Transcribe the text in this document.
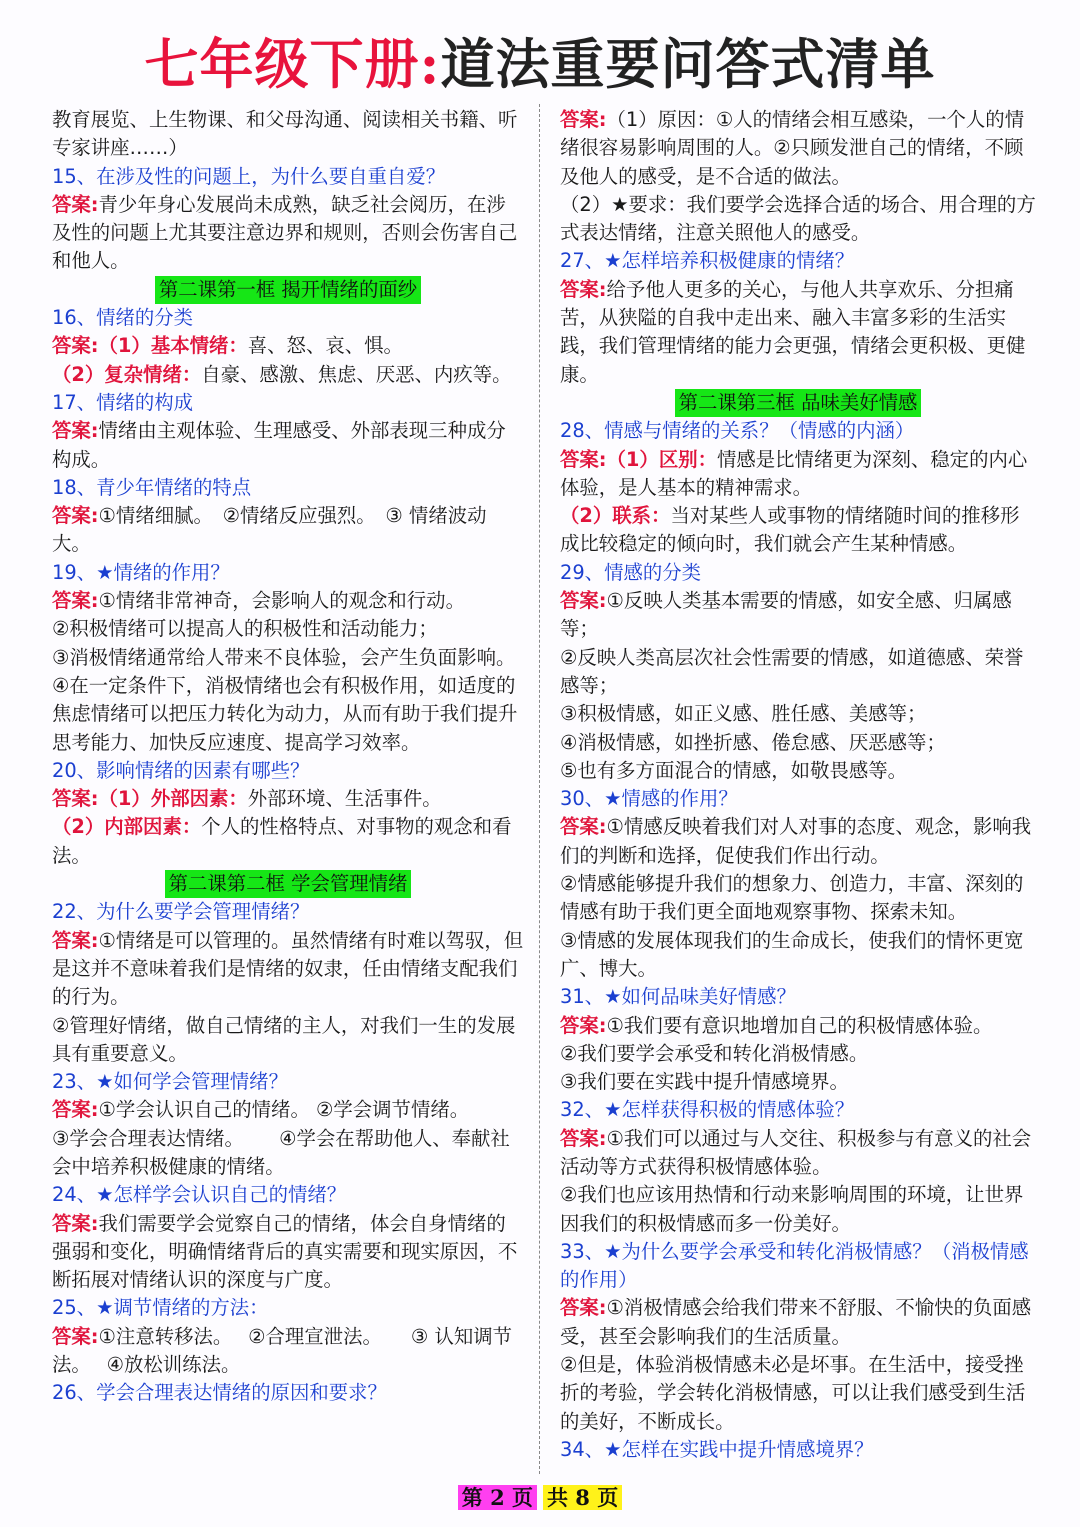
七年级下册:道法重要问答式清单

教育展览、上生物课、和父母沟通、阅读相关书籍、听专家讲座……）

15、在涉及性的问题上，为什么要自重自爱？

答案:青少年身心发展尚未成熟，缺乏社会阅历，在涉及性的问题上尤其要注意边界和规则，否则会伤害自己和他人。

第二课第一框 揭开情绪的面纱

16、情绪的分类

答案:（1）基本情绪：喜、怒、哀、惧。

（2）复杂情绪：自豪、感激、焦虑、厌恶、内疚等。

17、情绪的构成

答案:情绪由主观体验、生理感受、外部表现三种成分构成。

18、青少年情绪的特点

答案:①情绪细腻。　②情绪反应强烈。　③ 情绪波动大。

19、★情绪的作用？

答案:①情绪非常神奇，会影响人的观念和行动。

②积极情绪可以提高人的积极性和活动能力；

③消极情绪通常给人带来不良体验，会产生负面影响。

④在一定条件下，消极情绪也会有积极作用，如适度的焦虑情绪可以把压力转化为动力，从而有助于我们提升思考能力、加快反应速度、提高学习效率。

20、影响情绪的因素有哪些？

答案:（1）外部因素：外部环境、生活事件。

（2）内部因素：个人的性格特点、对事物的观念和看法。

第二课第二框 学会管理情绪

22、为什么要学会管理情绪？

答案:①情绪是可以管理的。虽然情绪有时难以驾驭，但是这并不意味着我们是情绪的奴隶，任由情绪支配我们的行为。

②管理好情绪，做自己情绪的主人，对我们一生的发展具有重要意义。

23、★如何学会管理情绪？

答案:①学会认识自己的情绪。 ②学会调节情绪。

③学会合理表达情绪。　　 ④学会在帮助他人、奉献社会中培养积极健康的情绪。

24、★怎样学会认识自己的情绪？

答案:我们需要学会觉察自己的情绪，体会自身情绪的强弱和变化，明确情绪背后的真实需要和现实原因，不断拓展对情绪认识的深度与广度。

25、★调节情绪的方法：

答案:①注意转移法。　 ②合理宣泄法。　　③ 认知调节法。　 ④放松训练法。

26、学会合理表达情绪的原因和要求？

答案:（1）原因：①人的情绪会相互感染，一个人的情绪很容易影响周围的人。②只顾发泄自己的情绪，不顾及他人的感受，是不合适的做法。

（2）★要求：我们要学会选择合适的场合、用合理的方式表达情绪，注意关照他人的感受。

27、★怎样培养积极健康的情绪？

答案:给予他人更多的关心，与他人共享欢乐、分担痛苦，从狭隘的自我中走出来、融入丰富多彩的生活实践，我们管理情绪的能力会更强，情绪会更积极、更健康。

第二课第三框 品味美好情感

28、情感与情绪的关系？（情感的内涵）

答案:（1）区别：情感是比情绪更为深刻、稳定的内心体验，是人基本的精神需求。

（2）联系：当对某些人或事物的情绪随时间的推移形成比较稳定的倾向时，我们就会产生某种情感。

29、情感的分类

答案:①反映人类基本需要的情感，如安全感、归属感等；

②反映人类高层次社会性需要的情感，如道德感、荣誉感等；

③积极情感，如正义感、胜任感、美感等；

④消极情感，如挫折感、倦怠感、厌恶感等；

⑤也有多方面混合的情感，如敬畏感等。

30、★情感的作用？

答案:①情感反映着我们对人对事的态度、观念，影响我们的判断和选择，促使我们作出行动。

②情感能够提升我们的想象力、创造力，丰富、深刻的情感有助于我们更全面地观察事物、探索未知。

③情感的发展体现我们的生命成长，使我们的情怀更宽广、博大。

31、★如何品味美好情感？

答案:①我们要有意识地增加自己的积极情感体验。

②我们要学会承受和转化消极情感。

③我们要在实践中提升情感境界。

32、★怎样获得积极的情感体验？

答案:①我们可以通过与人交往、积极参与有意义的社会活动等方式获得积极情感体验。

②我们也应该用热情和行动来影响周围的环境，让世界因我们的积极情感而多一份美好。

33、★为什么要学会承受和转化消极情感？（消极情感的作用）

答案:①消极情感会给我们带来不舒服、不愉快的负面感受，甚至会影响我们的生活质量。

②但是，体验消极情感未必是坏事。在生活中，接受挫折的考验，学会转化消极情感，可以让我们感受到生活的美好，不断成长。

34、★怎样在实践中提升情感境界？

第 2 页 共 8 页
